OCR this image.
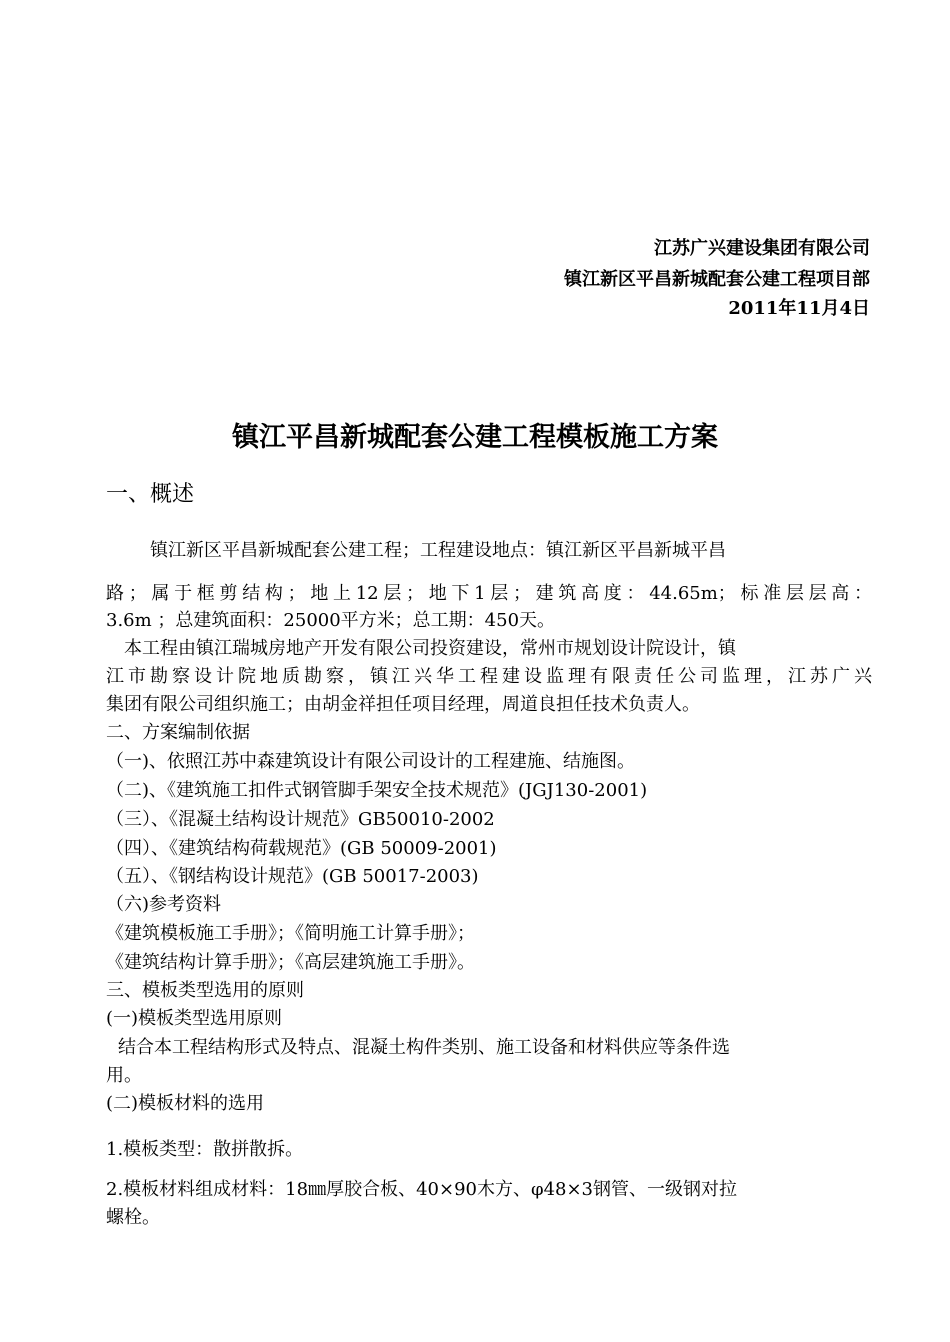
江苏广兴建设集团有限公司
镇江新区平昌新城配套公建工程项目部
2011年11月4日
镇江平昌新城配套公建工程模板施工方案
一、概述
镇江新区平昌新城配套公建工程；工程建设地点：镇江新区平昌新城平昌
路；属于框剪结构；地上12层；地下1层；建筑高度：44.65m；标准层层高：
3.6m ；总建筑面积：25000平方米；总工期：450天。
本工程由镇江瑞城房地产开发有限公司投资建设，常州市规划设计院设计，镇
江市勘察设计院地质勘察，镇江兴华工程建设监理有限责任公司监理，江苏广兴
集团有限公司组织施工；由胡金祥担任项目经理，周道良担任技术负责人。
二、方案编制依据
（一)、依照江苏中森建筑设计有限公司设计的工程建施、结施图。
（二)、《建筑施工扣件式钢管脚手架安全技术规范》(JGJ130-2001)
（三）、《混凝土结构设计规范》GB50010-2002
（四）、《建筑结构荷载规范》(GB 50009-2001)
（五）、《钢结构设计规范》(GB 50017-2003)
（六)参考资料
《建筑模板施工手册》；《简明施工计算手册》；
《建筑结构计算手册》；《高层建筑施工手册》。
三、模板类型选用的原则
(一)模板类型选用原则
结合本工程结构形式及特点、混凝土构件类别、施工设备和材料供应等条件选
用。
(二)模板材料的选用
1.模板类型：散拼散拆。
2.模板材料组成材料：18㎜厚胶合板、40×90木方、φ48×3钢管、一级钢对拉
螺栓。
